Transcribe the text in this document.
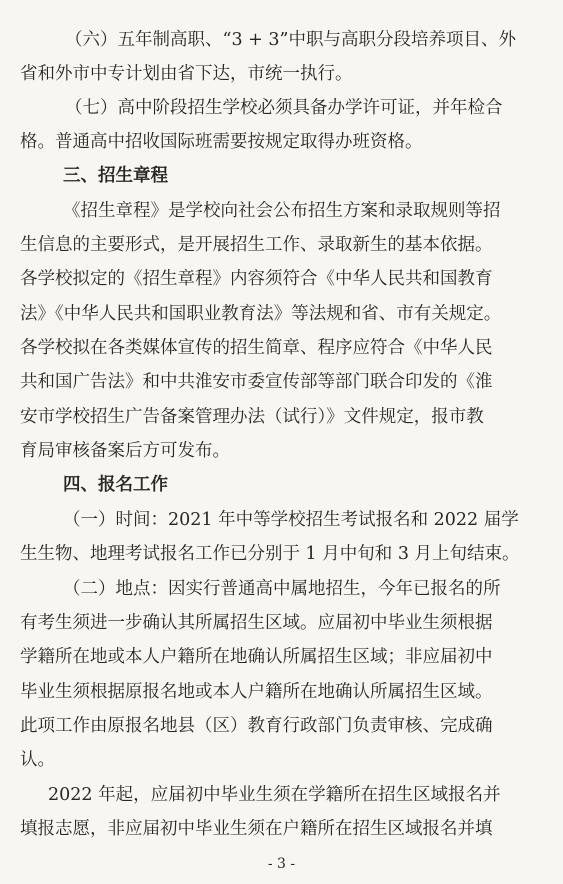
（六）五年制高职、“3 + 3”中职与高职分段培养项目、外
省和外市中专计划由省下达，市统一执行。
（七）高中阶段招生学校必须具备办学许可证，并年检合
格。普通高中招收国际班需要按规定取得办班资格。
三、招生章程
《招生章程》是学校向社会公布招生方案和录取规则等招
生信息的主要形式，是开展招生工作、录取新生的基本依据。
各学校拟定的《招生章程》内容须符合《中华人民共和国教育
法》《中华人民共和国职业教育法》等法规和省、市有关规定。
各学校拟在各类媒体宣传的招生简章、程序应符合《中华人民
共和国广告法》和中共淮安市委宣传部等部门联合印发的《淮
安市学校招生广告备案管理办法（试行）》文件规定，报市教
育局审核备案后方可发布。
四、报名工作
（一）时间：2021 年中等学校招生考试报名和 2022 届学
生生物、地理考试报名工作已分别于 1 月中旬和 3 月上旬结束。
（二）地点：因实行普通高中属地招生，今年已报名的所
有考生须进一步确认其所属招生区域。应届初中毕业生须根据
学籍所在地或本人户籍所在地确认所属招生区域；非应届初中
毕业生须根据原报名地或本人户籍所在地确认所属招生区域。
此项工作由原报名地县（区）教育行政部门负责审核、完成确
认。
2022 年起，应届初中毕业生须在学籍所在招生区域报名并
填报志愿，非应届初中毕业生须在户籍所在招生区域报名并填
- 3 -
